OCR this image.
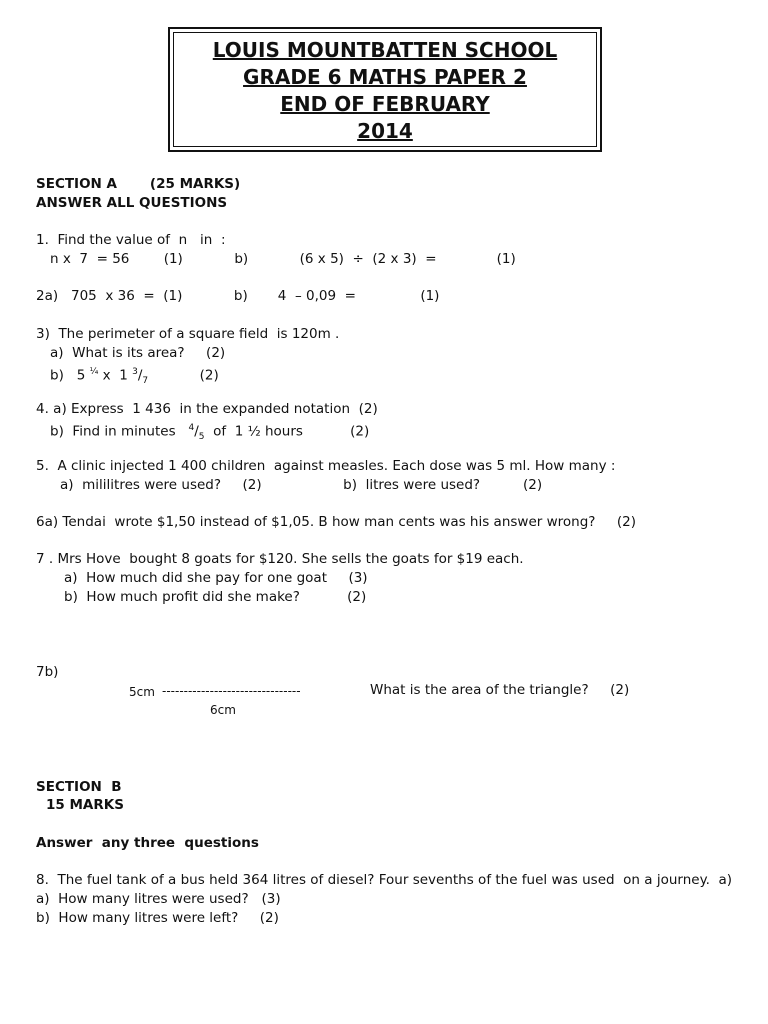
LOUIS MOUNTBATTEN SCHOOL
GRADE 6 MATHS PAPER 2
END OF FEBRUARY
2014
SECTION A       (25 MARKS)
ANSWER ALL QUESTIONS
1.  Find the value of  n   in  :
n x  7  = 56        (1)            b)            (6 x 5)  ÷  (2 x 3)  =              (1)
2a)   705  x 36  =  (1)            b)       4  – 0,09  =               (1)
3)  The perimeter of a square field  is 120m .
a)  What is its area?     (2)
b)   5 $^{\frac{1}{4}}$ x  1 $^3/_7$            (2)
4. a) Express  1 436  in the expanded notation  (2)
b)  Find in minutes   $^4/_5$  of  1 ½ hours           (2)
5.  A clinic injected 1 400 children  against measles. Each dose was 5 ml. How many :
a)  mililitres were used?     (2)                   b)  litres were used?          (2)
6a) Tendai  wrote $1,50 instead of $1,05. B how man cents was his answer wrong?     (2)
7 . Mrs Hove  bought 8 goats for $120. She sells the goats for $19 each.
a)  How much did she pay for one goat     (3)
b)  How much profit did she make?           (2)
7b)
5cm --------------------------------	What is the area of the triangle?     (2)
6cm
SECTION  B
15 MARKS
Answer  any three  questions
8.  The fuel tank of a bus held 364 litres of diesel? Four sevenths of the fuel was used  on a journey.  a)
a)  How many litres were used?   (3)
b)  How many litres were left?     (2)
